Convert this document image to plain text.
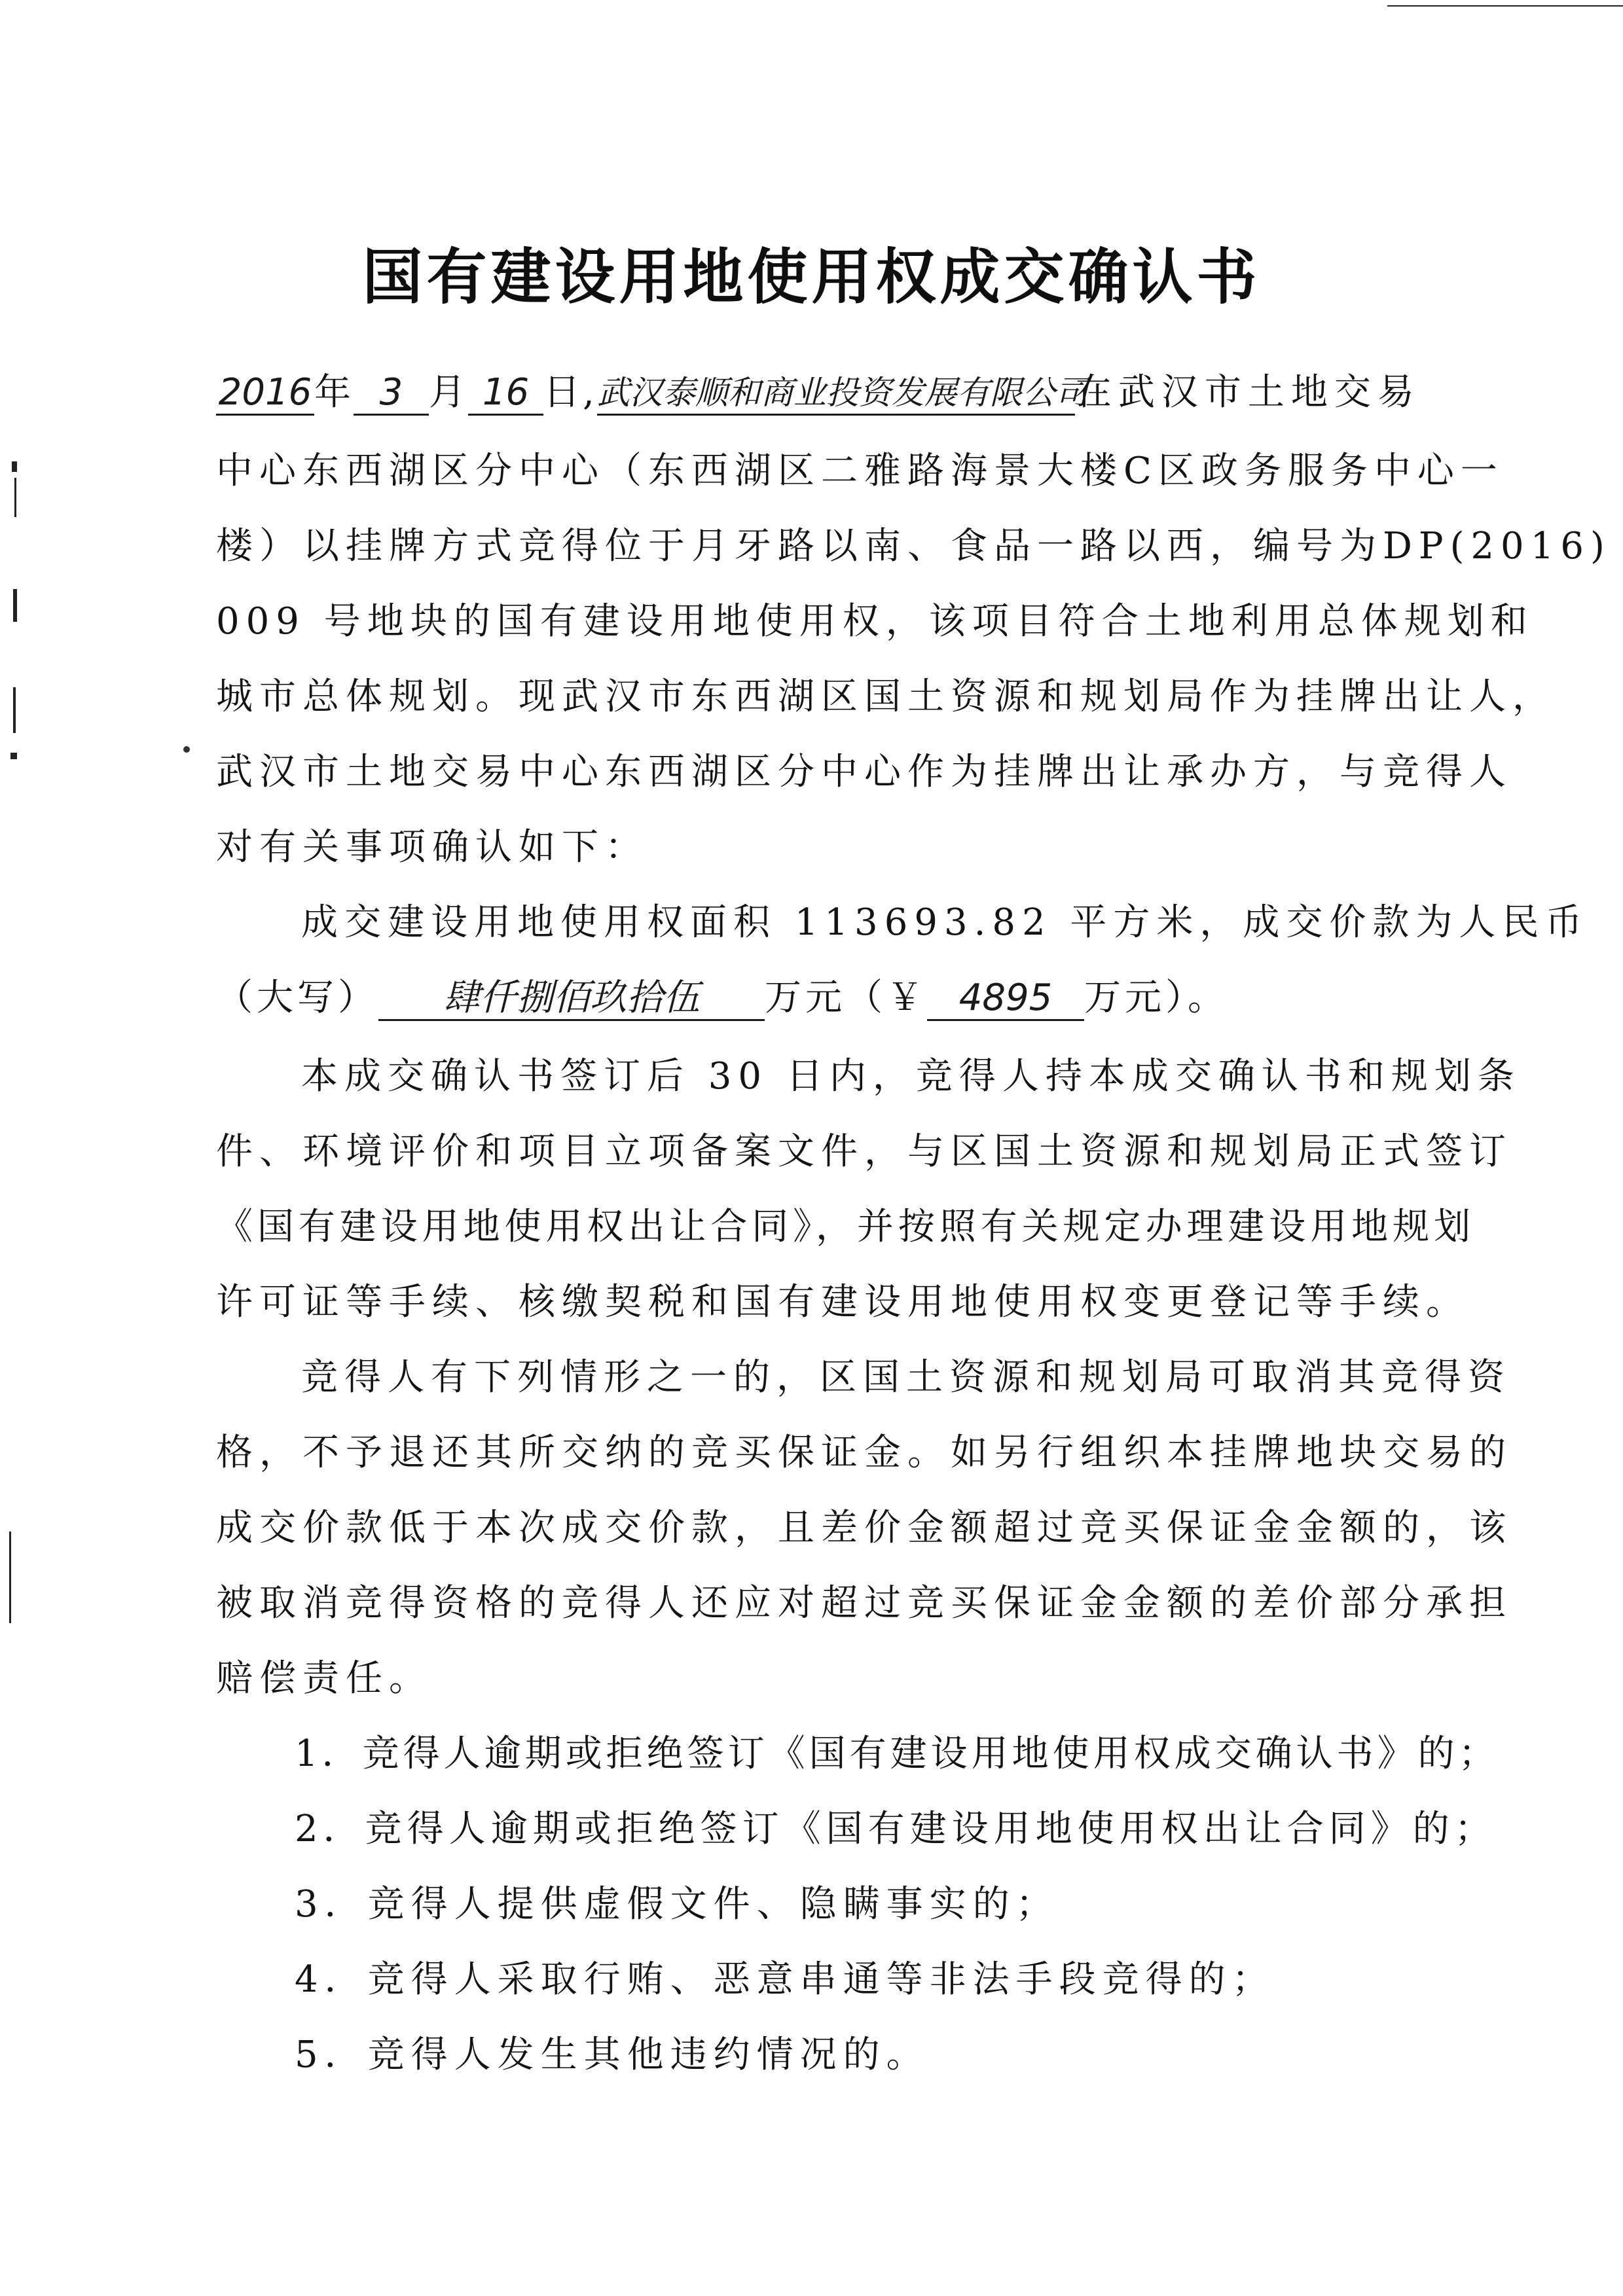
国有建设用地使用权成交确认书
2016年 3 月 16 日,武汉泰顺和商业投资发展有限公司在武汉市土地交易
中心东西湖区分中心（东西湖区二雅路海景大楼C区政务服务中心一
楼）以挂牌方式竞得位于月牙路以南、食品一路以西，编号为DP(2016)
009 号地块的国有建设用地使用权，该项目符合土地利用总体规划和
城市总体规划。现武汉市东西湖区国土资源和规划局作为挂牌出让人，
武汉市土地交易中心东西湖区分中心作为挂牌出让承办方，与竞得人
对有关事项确认如下：
成交建设用地使用权面积 113693.82 平方米，成交价款为人民币
（大写） 肆仟捌佰玖拾伍 万元（￥ 4895 万元）。
本成交确认书签订后 30 日内，竞得人持本成交确认书和规划条
件、环境评价和项目立项备案文件，与区国土资源和规划局正式签订
《国有建设用地使用权出让合同》，并按照有关规定办理建设用地规划
许可证等手续、核缴契税和国有建设用地使用权变更登记等手续。
竞得人有下列情形之一的，区国土资源和规划局可取消其竞得资
格，不予退还其所交纳的竞买保证金。如另行组织本挂牌地块交易的
成交价款低于本次成交价款，且差价金额超过竞买保证金金额的，该
被取消竞得资格的竞得人还应对超过竞买保证金金额的差价部分承担
赔偿责任。
1．竞得人逾期或拒绝签订《国有建设用地使用权成交确认书》的；
2．竞得人逾期或拒绝签订《国有建设用地使用权出让合同》的；
3．竞得人提供虚假文件、隐瞒事实的；
4．竞得人采取行贿、恶意串通等非法手段竞得的；
5．竞得人发生其他违约情况的。
